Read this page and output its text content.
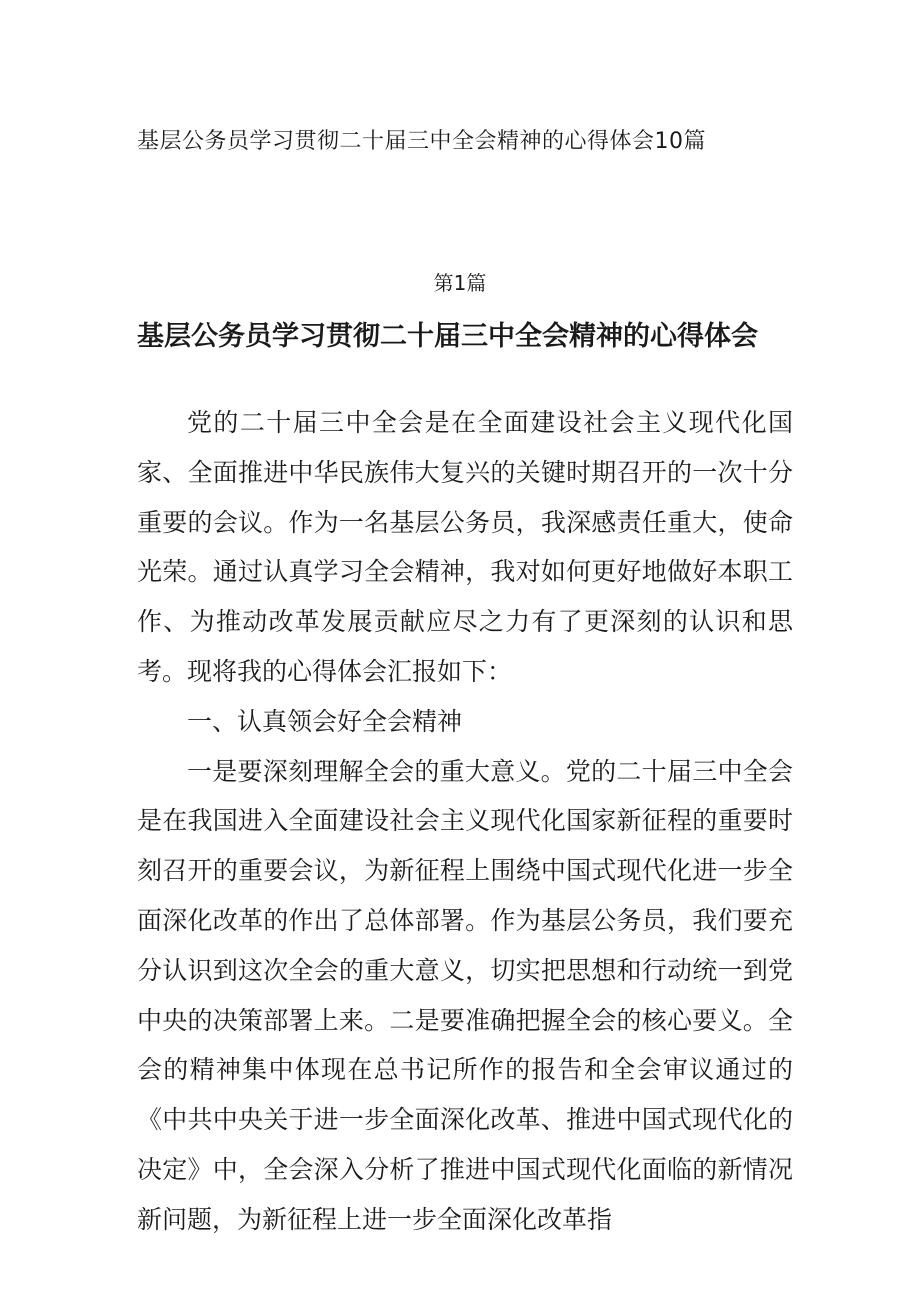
基层公务员学习贯彻二十届三中全会精神的心得体会10篇
第1篇
基层公务员学习贯彻二十届三中全会精神的心得体会

党的二十届三中全会是在全面建设社会主义现代化国家、全面推进中华民族伟大复兴的关键时期召开的一次十分重要的会议。作为一名基层公务员，我深感责任重大，使命光荣。通过认真学习全会精神，我对如何更好地做好本职工作、为推动改革发展贡献应尽之力有了更深刻的认识和思考。现将我的心得体会汇报如下：

一、认真领会好全会精神

一是要深刻理解全会的重大意义。党的二十届三中全会是在我国进入全面建设社会主义现代化国家新征程的重要时刻召开的重要会议，为新征程上围绕中国式现代化进一步全面深化改革的作出了总体部署。作为基层公务员，我们要充分认识到这次全会的重大意义，切实把思想和行动统一到党中央的决策部署上来。二是要准确把握全会的核心要义。全会的精神集中体现在总书记所作的报告和全会审议通过的《中共中央关于进一步全面深化改革、推进中国式现代化的决定》中，全会深入分析了推进中国式现代化面临的新情况新问题，为新征程上进一步全面深化改革指
